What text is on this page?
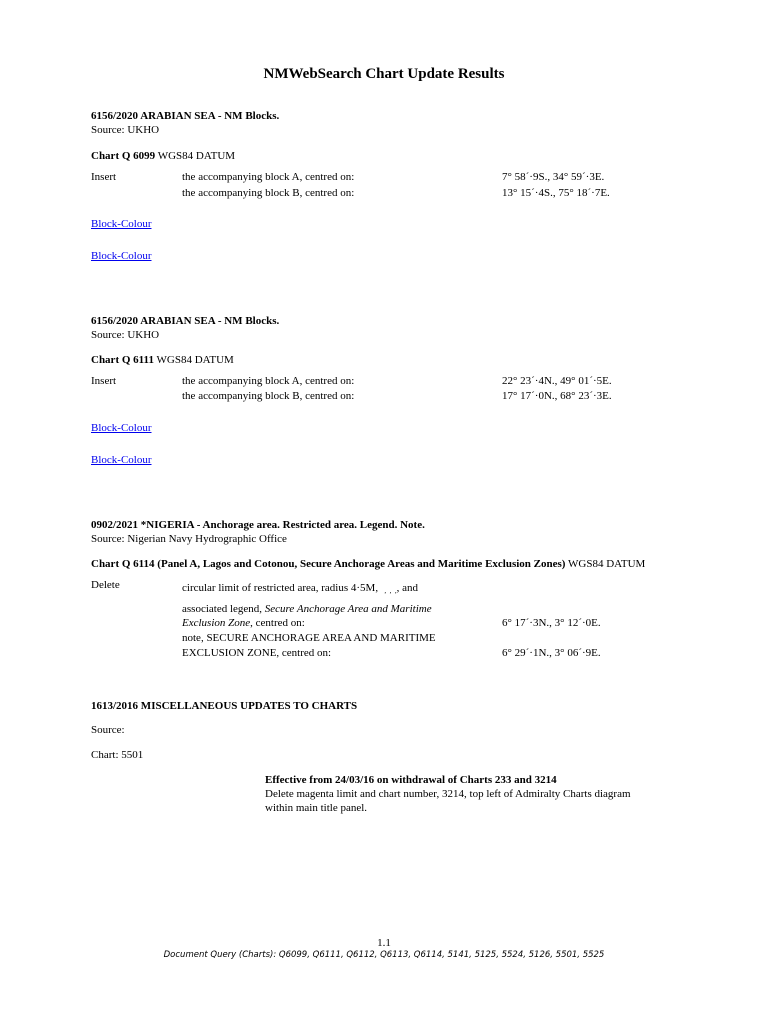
NMWebSearch Chart Update Results
6156/2020 ARABIAN SEA - NM Blocks.
Source: UKHO
Chart Q 6099 WGS84 DATUM
Insert	the accompanying block A, centred on:	7° 58´·9S., 34° 59´·3E.
the accompanying block B, centred on:	13° 15´·4S., 75° 18´·7E.
Block-Colour
Block-Colour
6156/2020 ARABIAN SEA - NM Blocks.
Source: UKHO
Chart Q 6111 WGS84 DATUM
Insert	the accompanying block A, centred on:	22° 23´·4N., 49° 01´·5E.
the accompanying block B, centred on:	17° 17´·0N., 68° 23´·3E.
Block-Colour
Block-Colour
0902/2021 *NIGERIA - Anchorage area. Restricted area. Legend. Note.
Source: Nigerian Navy Hydrographic Office
Chart Q 6114 (Panel A, Lagos and Cotonou, Secure Anchorage Areas and Maritime Exclusion Zones) WGS84 DATUM
Delete	circular limit of restricted area, radius 4·5M,   ,  ,  ,, and
associated legend, Secure Anchorage Area and Maritime
Exclusion Zone, centred on:	6° 17´·3N., 3° 12´·0E.
note, SECURE ANCHORAGE AREA AND MARITIME
EXCLUSION ZONE, centred on:	6° 29´·1N., 3° 06´·9E.
1613/2016 MISCELLANEOUS UPDATES TO CHARTS
Source:
Chart: 5501
Effective from 24/03/16 on withdrawal of Charts 233 and 3214
Delete magenta limit and chart number, 3214, top left of Admiralty Charts diagram
within main title panel.
1.1
Document Query (Charts): Q6099, Q6111, Q6112, Q6113, Q6114, 5141, 5125, 5524, 5126, 5501, 5525
